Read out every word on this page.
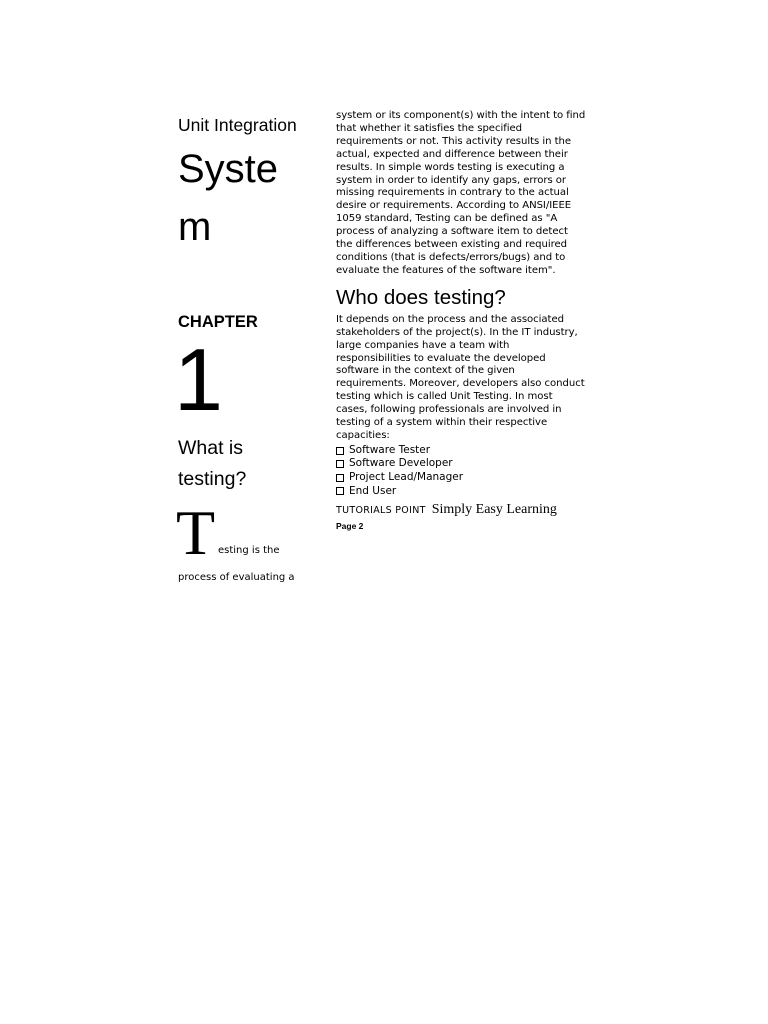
Unit Integration

System

CHAPTER

1

What is testing?

T esting is the
process of evaluating a

system or its component(s) with the intent to find that whether it satisfies the specified requirements or not. This activity results in the actual, expected and difference between their results. In simple words testing is executing a system in order to identify any gaps, errors or missing requirements in contrary to the actual desire or requirements. According to ANSI/IEEE 1059 standard, Testing can be defined as "A process of analyzing a software item to detect the differences between existing and required conditions (that is defects/errors/bugs) and to evaluate the features of the software item".

Who does testing?

It depends on the process and the associated stakeholders of the project(s). In the IT industry, large companies have a team with responsibilities to evaluate the developed software in the context of the given requirements. Moreover, developers also conduct testing which is called Unit Testing. In most cases, following professionals are involved in testing of a system within their respective capacities:

Software Tester
Software Developer
Project Lead/Manager
End User
TUTORIALS POINT Simply Easy Learning
Page 2
